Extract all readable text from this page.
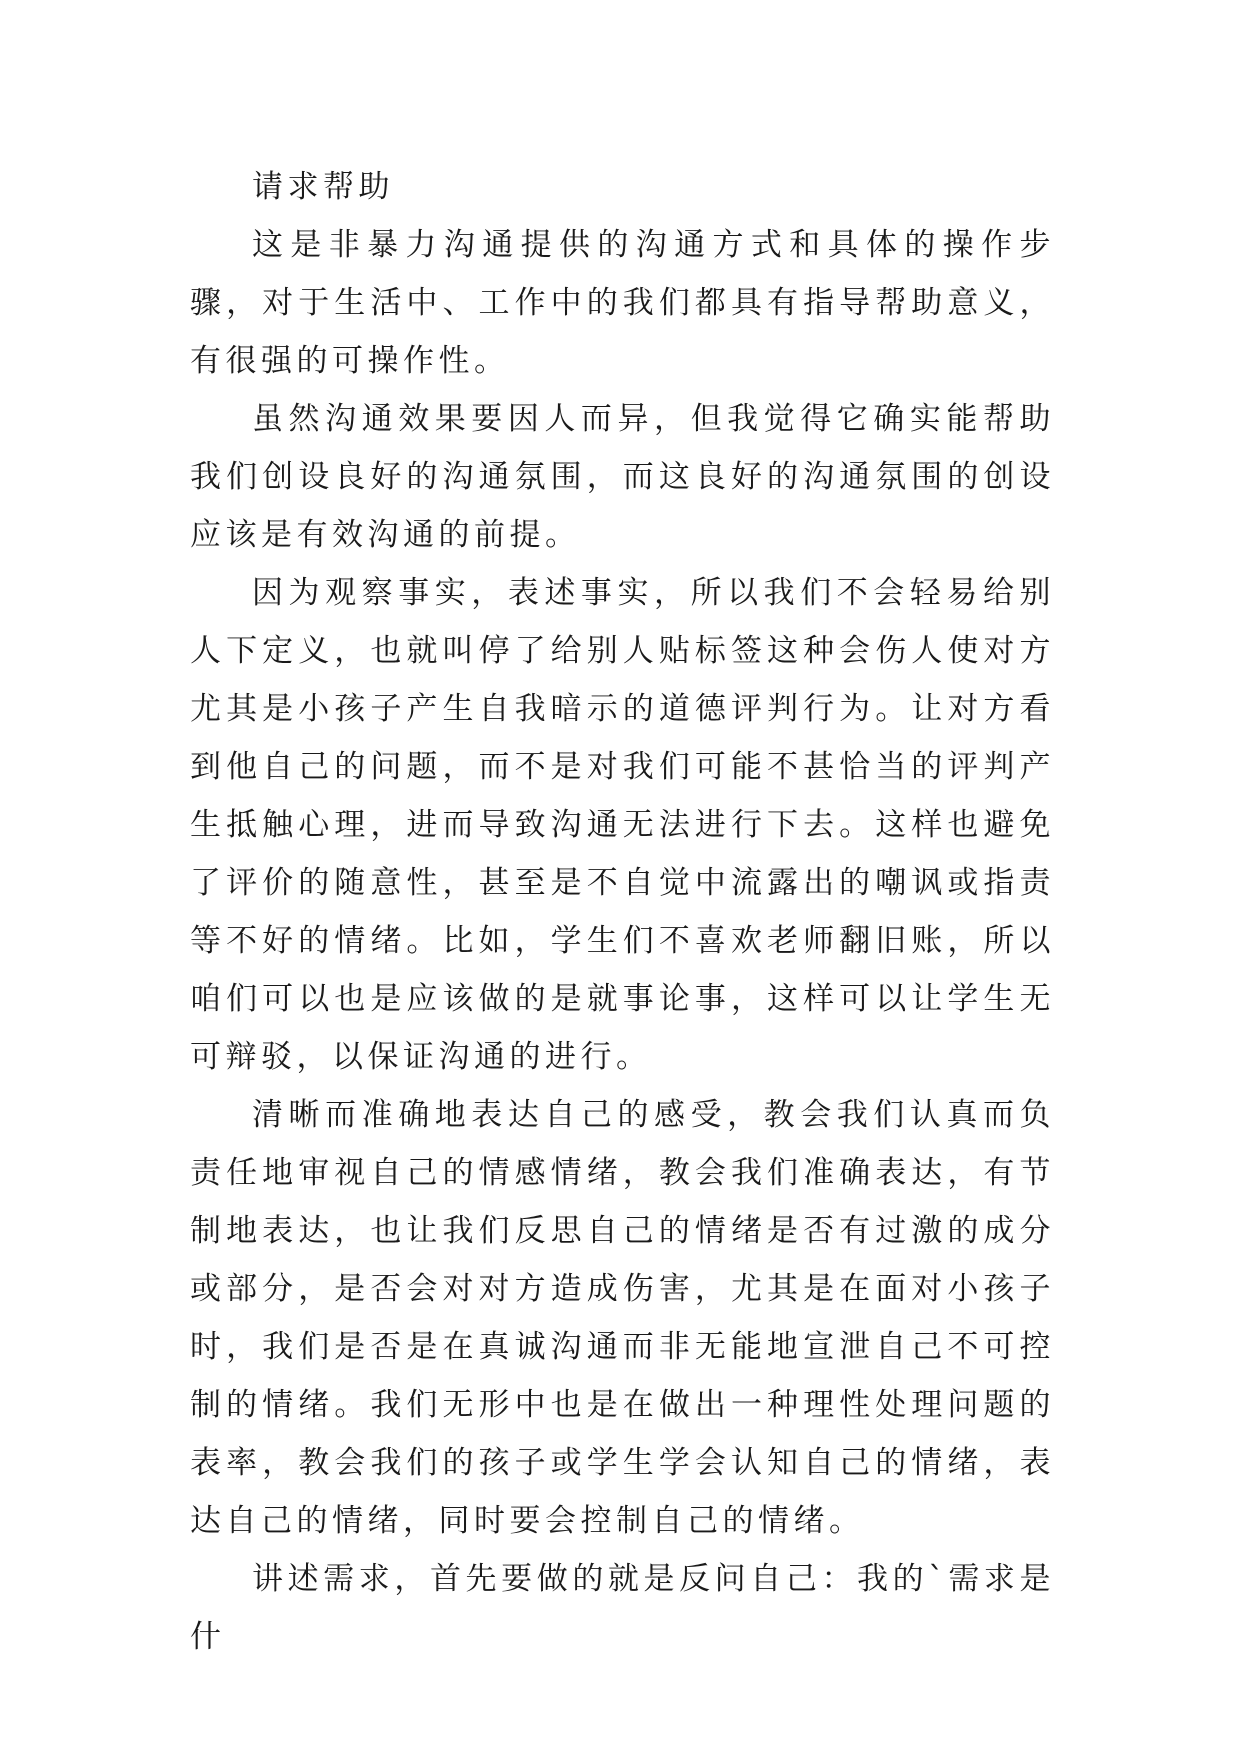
请求帮助

这是非暴力沟通提供的沟通方式和具体的操作步骤，对于生活中、工作中的我们都具有指导帮助意义，有很强的可操作性。

虽然沟通效果要因人而异，但我觉得它确实能帮助我们创设良好的沟通氛围，而这良好的沟通氛围的创设应该是有效沟通的前提。

因为观察事实，表述事实，所以我们不会轻易给别人下定义，也就叫停了给别人贴标签这种会伤人使对方尤其是小孩子产生自我暗示的道德评判行为。让对方看到他自己的问题，而不是对我们可能不甚恰当的评判产生抵触心理，进而导致沟通无法进行下去。这样也避免了评价的随意性，甚至是不自觉中流露出的嘲讽或指责等不好的情绪。比如，学生们不喜欢老师翻旧账，所以咱们可以也是应该做的是就事论事，这样可以让学生无可辩驳，以保证沟通的进行。

清晰而准确地表达自己的感受，教会我们认真而负责任地审视自己的情感情绪，教会我们准确表达，有节制地表达，也让我们反思自己的情绪是否有过激的成分或部分，是否会对对方造成伤害，尤其是在面对小孩子时，我们是否是在真诚沟通而非无能地宣泄自己不可控制的情绪。我们无形中也是在做出一种理性处理问题的表率，教会我们的孩子或学生学会认知自己的情绪，表达自己的情绪，同时要会控制自己的情绪。

讲述需求，首先要做的就是反问自己：我的`需求是什
